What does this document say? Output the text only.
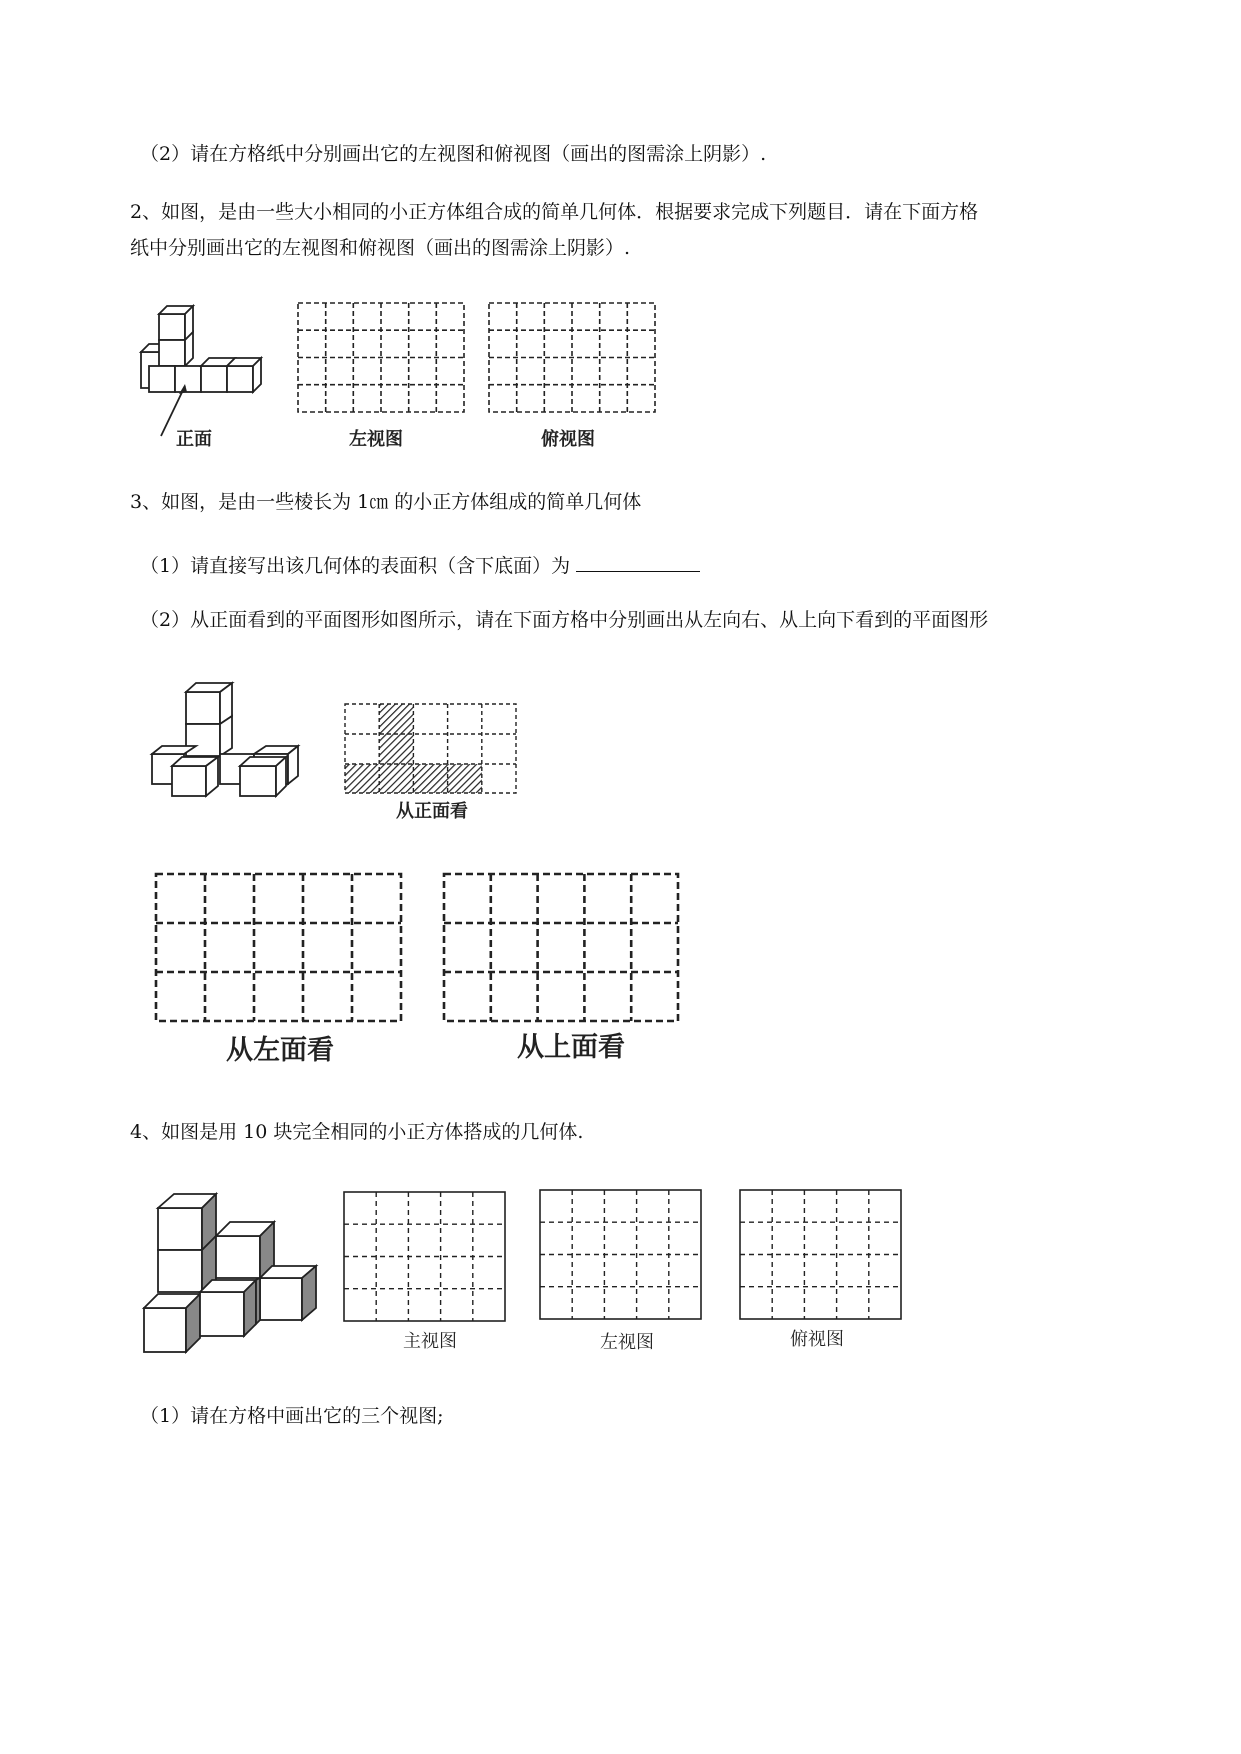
（2）请在方格纸中分别画出它的左视图和俯视图（画出的图需涂上阴影）.
2、如图，是由一些大小相同的小正方体组合成的简单几何体．根据要求完成下列题目．请在下面方格
纸中分别画出它的左视图和俯视图（画出的图需涂上阴影）.
正面	左视图	俯视图
3、如图，是由一些棱长为 1㎝ 的小正方体组成的简单几何体
（1）请直接写出该几何体的表面积（含下底面）为
（2）从正面看到的平面图形如图所示，请在下面方格中分别画出从左向右、从上向下看到的平面图形
从正面看
从左面看	从上面看
4、如图是用 10 块完全相同的小正方体搭成的几何体.
主视图	左视图	俯视图
（1）请在方格中画出它的三个视图;
